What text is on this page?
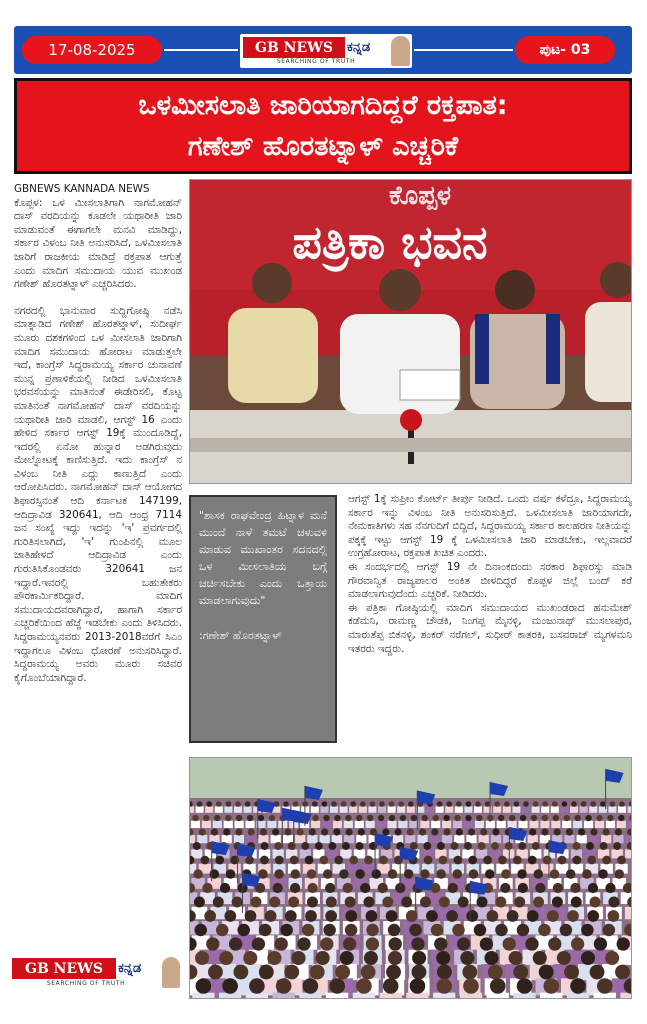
17-08-2025	GB NEWS	ಕನ್ನಡ
SEARCHING OF TRUTH
ಪುಟ- 03
ಒಳಮೀಸಲಾತಿ ಜಾರಿಯಾಗದಿದ್ದರೆ ರಕ್ತಪಾತ:
ಗಣೇಶ್ ಹೊರತಟ್ನಾಳ್ ಎಚ್ಚರಿಕೆ

GBNEWS KANNADA NEWS
ಕೊಪ್ಪಳ: ಒಳ ಮೀಸಲಾತಿಗಾಗಿ ನಾಗಮೋಹನ್ ದಾಸ್ ವರದಿಯನ್ನು ಕೂಡಲೇ ಯಥಾರೀತಿ ಜಾರಿ ಮಾಡುವಂತೆ ಈಗಾಗಲೇ ಮನವಿ ಮಾಡಿದ್ದು, ಸರ್ಕಾರ ವಿಳಂಬ ನೀತಿ ಅನುಸರಿಸಿದೆ, ಒಳಮೀಸಲಾತಿ ಜಾರಿಗೆ ರಾಜಕೀಯ ಮಾಡಿದ್ರೆ ರಕ್ತಪಾತ ಆಗುತ್ತೆ ಎಂದು ಮಾದಿಗ ಸಮುದಾಯ ಯುವ ಮುಖಂಡ ಗಣೇಶ್ ಹೊರತಟ್ನಾಳ್ ಎಚ್ಚರಿಸಿದರು.

ನಗರದಲ್ಲಿ ಭಾನುವಾರ ಸುದ್ದಿಗೋಷ್ಠಿ ನಡೆಸಿ ಮಾತ್ನಾಡಿದ ಗಣೇಶ್ ಹೊರತಟ್ನಾಳ್, ಸುದೀರ್ಘ ಮೂರು ದಶಕಗಳಿಂದ ಒಳ ಮೀಸಲಾತಿ ಜಾರಿಗಾಗಿ ಮಾದಿಗ ಸಮುದಾಯ ಹೋರಾಟ ಮಾಡುತ್ತಲೇ ಇದೆ, ಕಾಂಗ್ರೆಸ್ ಸಿದ್ದರಾಮಯ್ಯ ಸರ್ಕಾರ ಚುನಾವಣೆ ಮುನ್ನ ಪ್ರಣಾಳಿಕೆಯಲ್ಲಿ ನೀಡಿದ ಒಳಮೀಸಲಾತಿ ಭರವಸೆಯನ್ನು ಮಾತಿನಂತೆ ಈಡೇರಿಸಲಿ, ಕೊಟ್ಟ ಮಾತಿನಂತೆ ನಾಗಮೋಹನ್ ದಾಸ್ ವರದಿಯನ್ನು ಯಥಾರೀತಿ ಜಾರಿ ಮಾಡಲಿ, ಆಗಸ್ಟ್ 16 ಎಂದು ಹೇಳಿದ ಸರ್ಕಾರ ಆಗಸ್ಟ್ 19ಕ್ಕೆ ಮುಂದೂಡಿದ್ದೆ, ಇದರಲ್ಲಿ ಏನೋ ಹುನ್ನಾರ ಅಡಗಿರುವುದು ಮೇಲ್ನೋಟಕ್ಕೆ ಕಾಣಿಸುತ್ತಿದೆ. ಇದು ಕಾಂಗ್ರೆಸ್ ನ ವಿಳಂಬ ನೀತಿ ಎದ್ದು ಕಾಣುತ್ತಿದೆ ಎಂದು ಆರೋಪಿಸಿದರು. ನಾಗಮೋಹನ್ ದಾಸ್ ಆಯೋಗದ ಶಿಫಾರಸ್ಸಿನಂತೆ ಆದಿ ಕರ್ನಾಟಕ 147199, ಆದಿದ್ರಾವಿಡ 320641, ಆದಿ ಆಂಧ್ರ 7114 ಜನ ಸಂಖ್ಯೆ ಇದ್ದು ಇದನ್ನು 'ಇ' ಪ್ರವರ್ಗದಲ್ಲಿ ಗುರಿತಿಸಲಾಗಿದೆ, 'ಇ' ಗುಂಪಿನಲ್ಲಿ ಮೂಲ ಜಾತಿಹೇಳದೆ ಆದಿದ್ರಾವಿಡ ಎಂದು ಗುರುತಿಸಿಕೊಂಡವರು 320641 ಜನ ಇದ್ದಾರೆ.ಇವರಲ್ಲಿ ಬಹುತೇಕರು ಪೌರಕಾರ್ಮಿಕರಿದ್ದಾರೆ. ಮಾದಿಗ ಸಮುದಾಯದವರಾಗಿದ್ದಾರೆ, ಹಾಗಾಗಿ ಸರ್ಕಾರ ಎಚ್ಚರಿಕೆಯಿಂದ ಹೆಜ್ಜೆ ಇಡಬೇಕು ಎಂದು ತಿಳಿಸಿದರು. ಸಿದ್ದರಾಮಯ್ಯನವರು 2013-2018ವರೆಗೆ ಸಿಎಂ ಇದ್ದಾಗಲೂ ವಿಳಂಬ ಧೋರಣೆ ಅನುಸರಿಸಿದ್ದಾರೆ. ಸಿದ್ದರಾಮಯ್ಯ ಅವರು ಮೂರು ಸಚಿವರ ಕೈಗೊಂಬೆಯಾಗಿದ್ದಾರೆ.

ಕೊಪ್ಪಳ
ಪತ್ರಿಕಾ ಭವನ
"ಶಾಸಕ ರಾಘವೇಂದ್ರ ಹಿಟ್ನಾಳ ಮನೆ ಮುಂದೆ ನಾಳೆ ತಮಟೆ ಚಳುವಳಿ ಮಾಡುವ ಮುಖಾಂತರ ಸದನದಲ್ಲಿ ಒಳ ಮೀಸಲಾತಿಯ ಬಗ್ಗೆ ಚರ್ಚಿಸಬೇಕು ಎಂದು ಒತ್ತಾಯ ಮಾಡಲಾಗುವುದು"
:ಗಣೇಶ್ ಹೊರತಟ್ನಾಳ್

ಆಗಸ್ಟ್ 1ಕ್ಕೆ ಸುಪ್ರೀಂ ಕೋರ್ಟ್ ತೀರ್ಪು ನೀಡಿದೆ. ಒಂದು ವರ್ಷ ಕಳೆದ್ರೂ, ಸಿದ್ದರಾಮಯ್ಯ ಸರ್ಕಾರ ಇನ್ನು ವಿಳಂಬ ನೀತಿ ಅನುಸರಿಸುತ್ತಿದೆ. ಒಳಮೀಸಲಾತಿ ಜಾರಿಯಾಗದೇ, ನೇಮಕಾತಿಗಳು ಸಹ ನೆನಗುದಿಗೆ ಬಿದ್ದಿದೆ, ಸಿದ್ದರಾಮಯ್ಯ ಸರ್ಕಾರ ಕಾಲಹರಣ ನೀತಿಯನ್ನು ಪಕ್ಕಕ್ಕೆ ಇಟ್ಟು ಆಗಸ್ಟ್ 19 ಕ್ಕೆ ಒಳಮೀಸಲಾತಿ ಜಾರಿ ಮಾಡಬೇಕು, ಇಲ್ಲವಾದರೆ ಉಗ್ರಹೋರಾಟ, ರಕ್ತಪಾತ ಖಚಿತ ಎಂದರು.

ಈ ಸಂದರ್ಭದಲ್ಲಿ ಆಗಸ್ಟ್ 19 ನೇ ದಿನಾಂಕದಂದು ಸರಕಾರ ಶಿಫಾರಸ್ಸು ಮಾಡಿ ಗೌರವಾನ್ವಿತ ರಾಜ್ಯಪಾಲರ ಅಂಕಿತ ಬೀಳದಿದ್ದರೆ ಕೊಪ್ಪಳ ಜಿಲ್ಲೆ ಬಂದ್ ಕರೆ ಮಾಡಲಾಗುವುದೆಂದು ಎಚ್ಚರಿಕೆ. ನೀಡಿದರು.

ಈ ಪತ್ರಿಕಾ ಗೋಷ್ಠಿಯಲ್ಲಿ ಮಾದಿಗ ಸಮುದಾಯದ ಮುಖಂಡರಾದ ಹನುಮೇಶ್ ಕಡೆಮನಿ, ರಾಮಣ್ಣ ಚೌಡಕಿ, ನಿಂಗಪ್ಪ ಮೈನಳ್ಳಿ, ಮಂಜುನಾಥ್ ಮುಸಲಾಪುರ, ಮಾರುತೆಪ್ಪ ಬಿಕನಳ್ಳಿ, ಶಂಕರ್ ನರೆಗಲ್, ಸುಧೀರ್ ಕಾತರಕಿ, ಬಸವರಾಜ್ ಮ್ಯಗಳಮನಿ ಇತರರು ಇದ್ದರು.

GB NEWS	ಕನ್ನಡ
SEARCHING OF TRUTH
